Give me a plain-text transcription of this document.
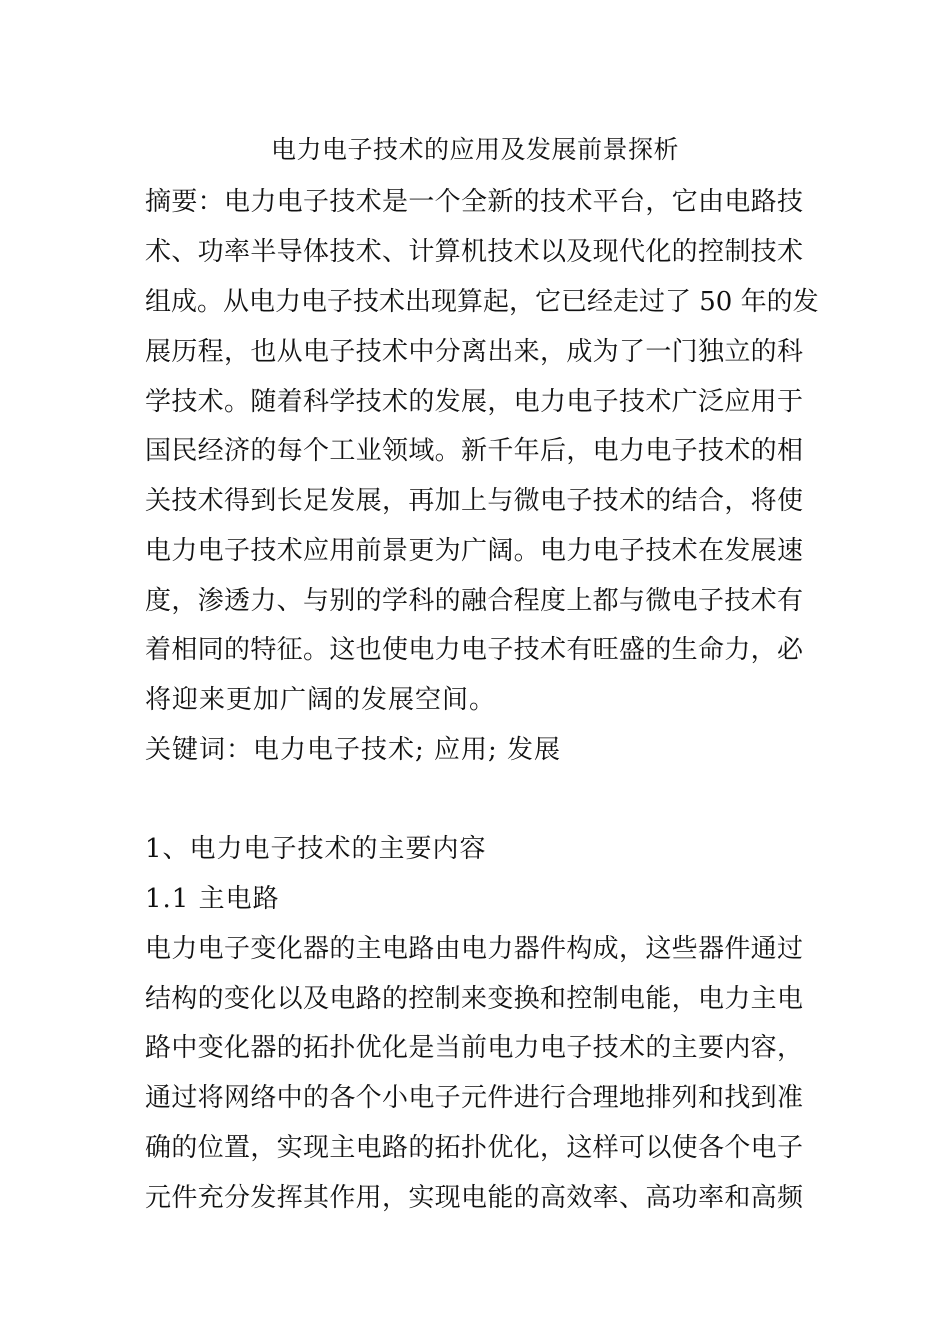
电力电子技术的应用及发展前景探析
摘要：电力电子技术是一个全新的技术平台，它由电路技
术、功率半导体技术、计算机技术以及现代化的控制技术
组成。从电力电子技术出现算起，它已经走过了 50 年的发
展历程，也从电子技术中分离出来，成为了一门独立的科
学技术。随着科学技术的发展，电力电子技术广泛应用于
国民经济的每个工业领域。新千年后，电力电子技术的相
关技术得到长足发展，再加上与微电子技术的结合，将使
电力电子技术应用前景更为广阔。电力电子技术在发展速
度，渗透力、与别的学科的融合程度上都与微电子技术有
着相同的特征。这也使电力电子技术有旺盛的生命力，必
将迎来更加广阔的发展空间。
关键词：电力电子技术; 应用; 发展
1、电力电子技术的主要内容
1.1 主电路
电力电子变化器的主电路由电力器件构成，这些器件通过
结构的变化以及电路的控制来变换和控制电能，电力主电
路中变化器的拓扑优化是当前电力电子技术的主要内容，
通过将网络中的各个小电子元件进行合理地排列和找到准
确的位置，实现主电路的拓扑优化，这样可以使各个电子
元件充分发挥其作用，实现电能的高效率、高功率和高频
